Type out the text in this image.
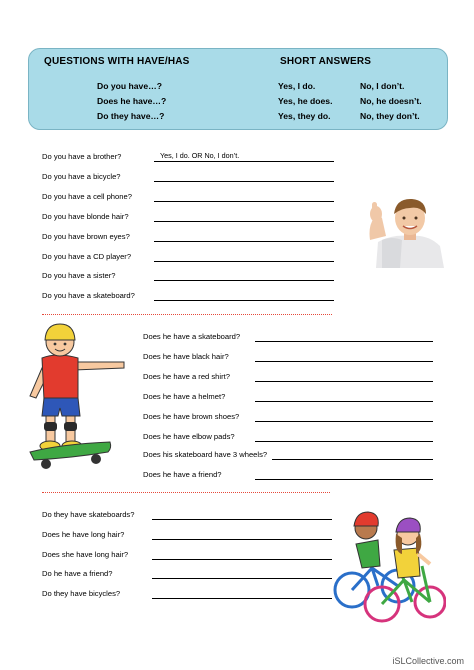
QUESTIONS WITH HAVE/HAS	SHORT ANSWERS
Do you have…?	Yes, I do.	No, I don’t.
Does he have…?	Yes, he does.	No, he doesn’t.
Do they have…?	Yes, they do.	No, they don’t.
Do you have a brother?	Yes, I do. OR No, I don’t.
Do you have a bicycle?
Do you have a cell phone?
Do you have blonde hair?
Do you have brown eyes?
Do you have a CD player?
Do you have a sister?
Do you have a skateboard?
Does he have a skateboard?
Does he have black hair?
Does he have a red shirt?
Does he have a helmet?
Does he have brown shoes?
Does he have elbow pads?
Does his skateboard have 3 wheels?
Does he have a friend?
Do they have skateboards?
Does he have long hair?
Does she have long hair?
Do he have a friend?
Do they have bicycles?
iSLCollective.com
